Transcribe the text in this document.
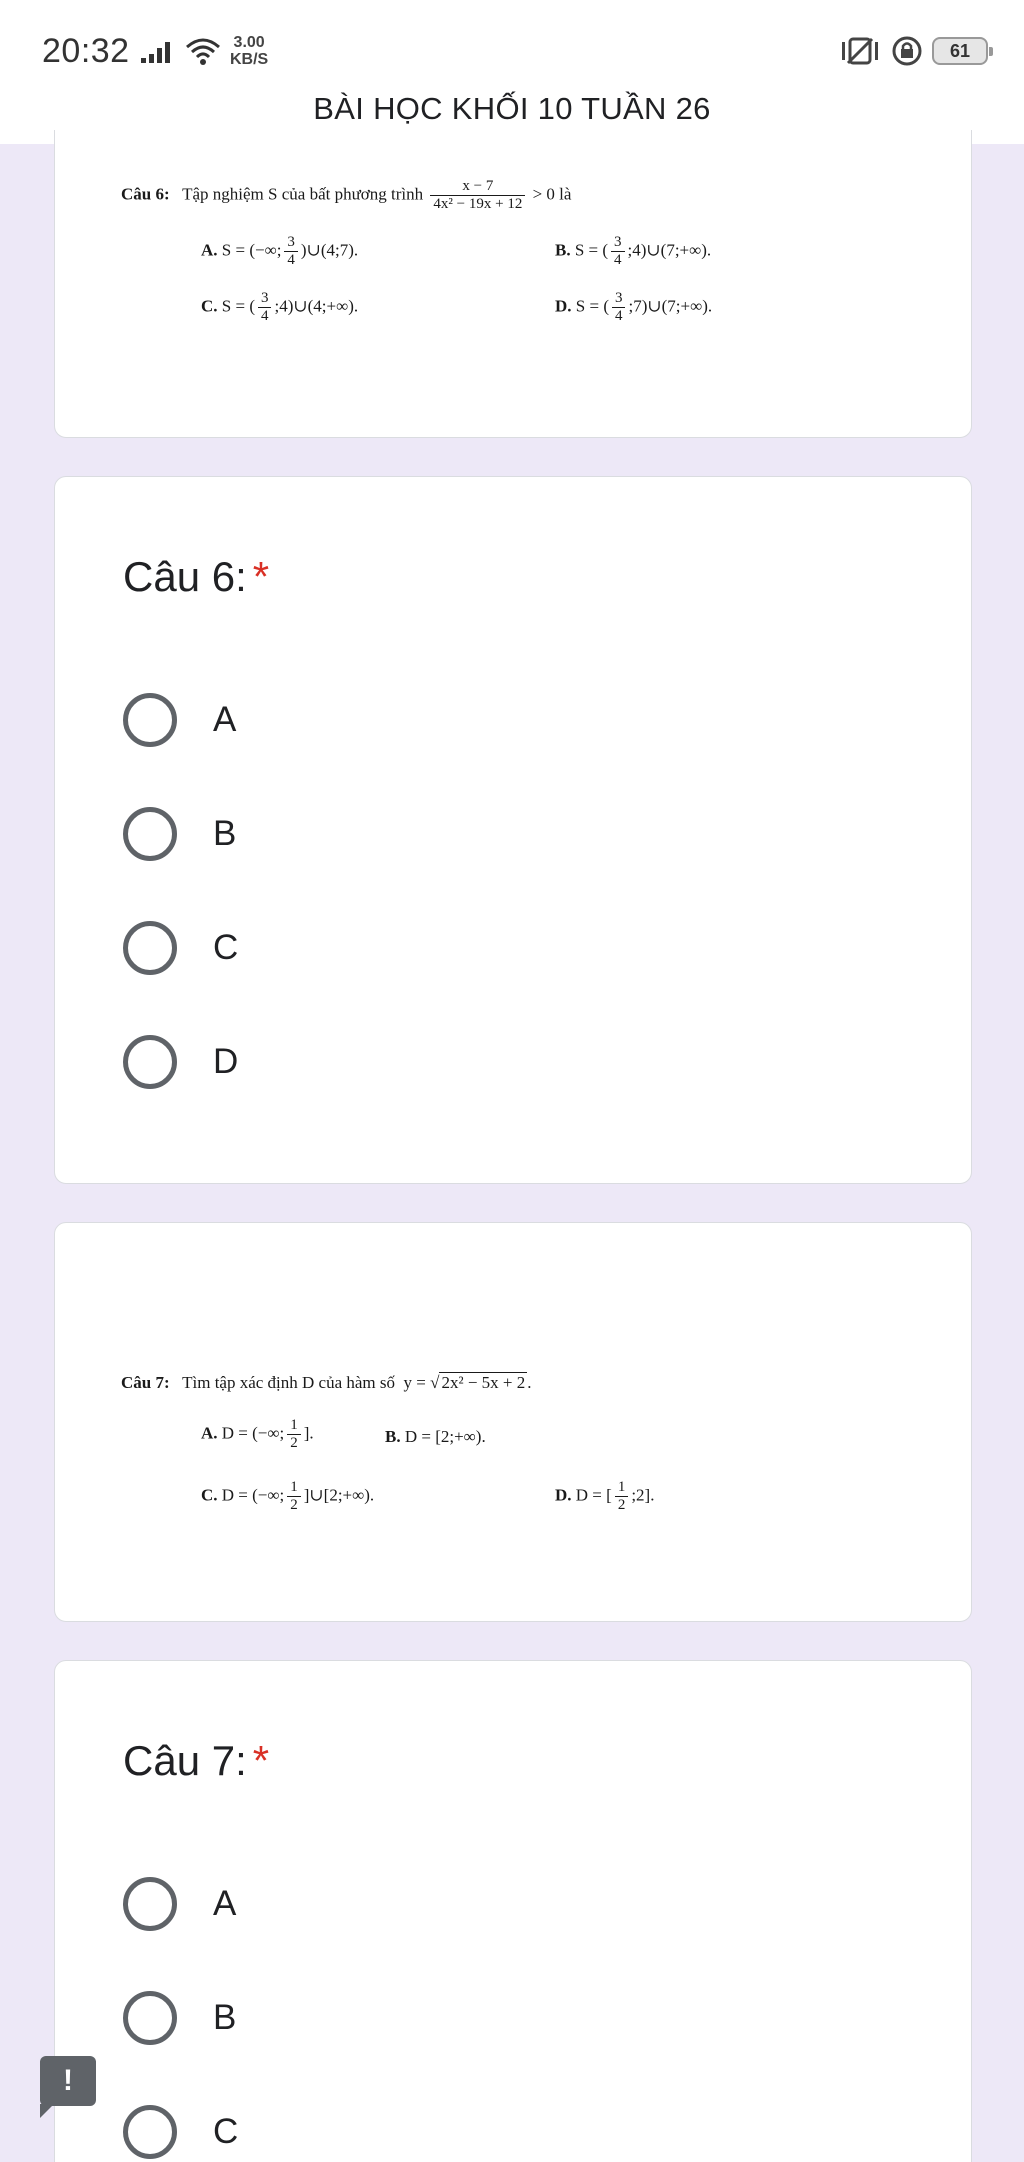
20:32	3.00
KB/S	61
BÀI HỌC KHỐI 10 TUẦN 26
Câu 6: Tập nghiệm S của bất phương trình $\frac{x - 7}{\text{4x² − 19x + 12}} > 0$ là
A. S = (−∞; $\frac{3}{4}$ )∪(4;7).	B. S = ( $\frac{3}{4}$ ;4)∪(7;+∞).
C. S = ( $\frac{3}{4}$ ;4)∪(4;+∞).	D. S = ( $\frac{3}{4}$ ;7)∪(7;+∞).
Câu 6: *
A
B
C
D
Câu 7: Tìm tập xác định D của hàm số y = √ 2x² − 5x + 2 .
A. D = (−∞; $\frac{1}{2}$ ].	B. D = [2;+∞).
C. D = (−∞; $\frac{1}{2}$ ]∪[2;+∞).	D. D = [ $\frac{1}{2}$ ;2].
Câu 7: *
A
B
C
!
